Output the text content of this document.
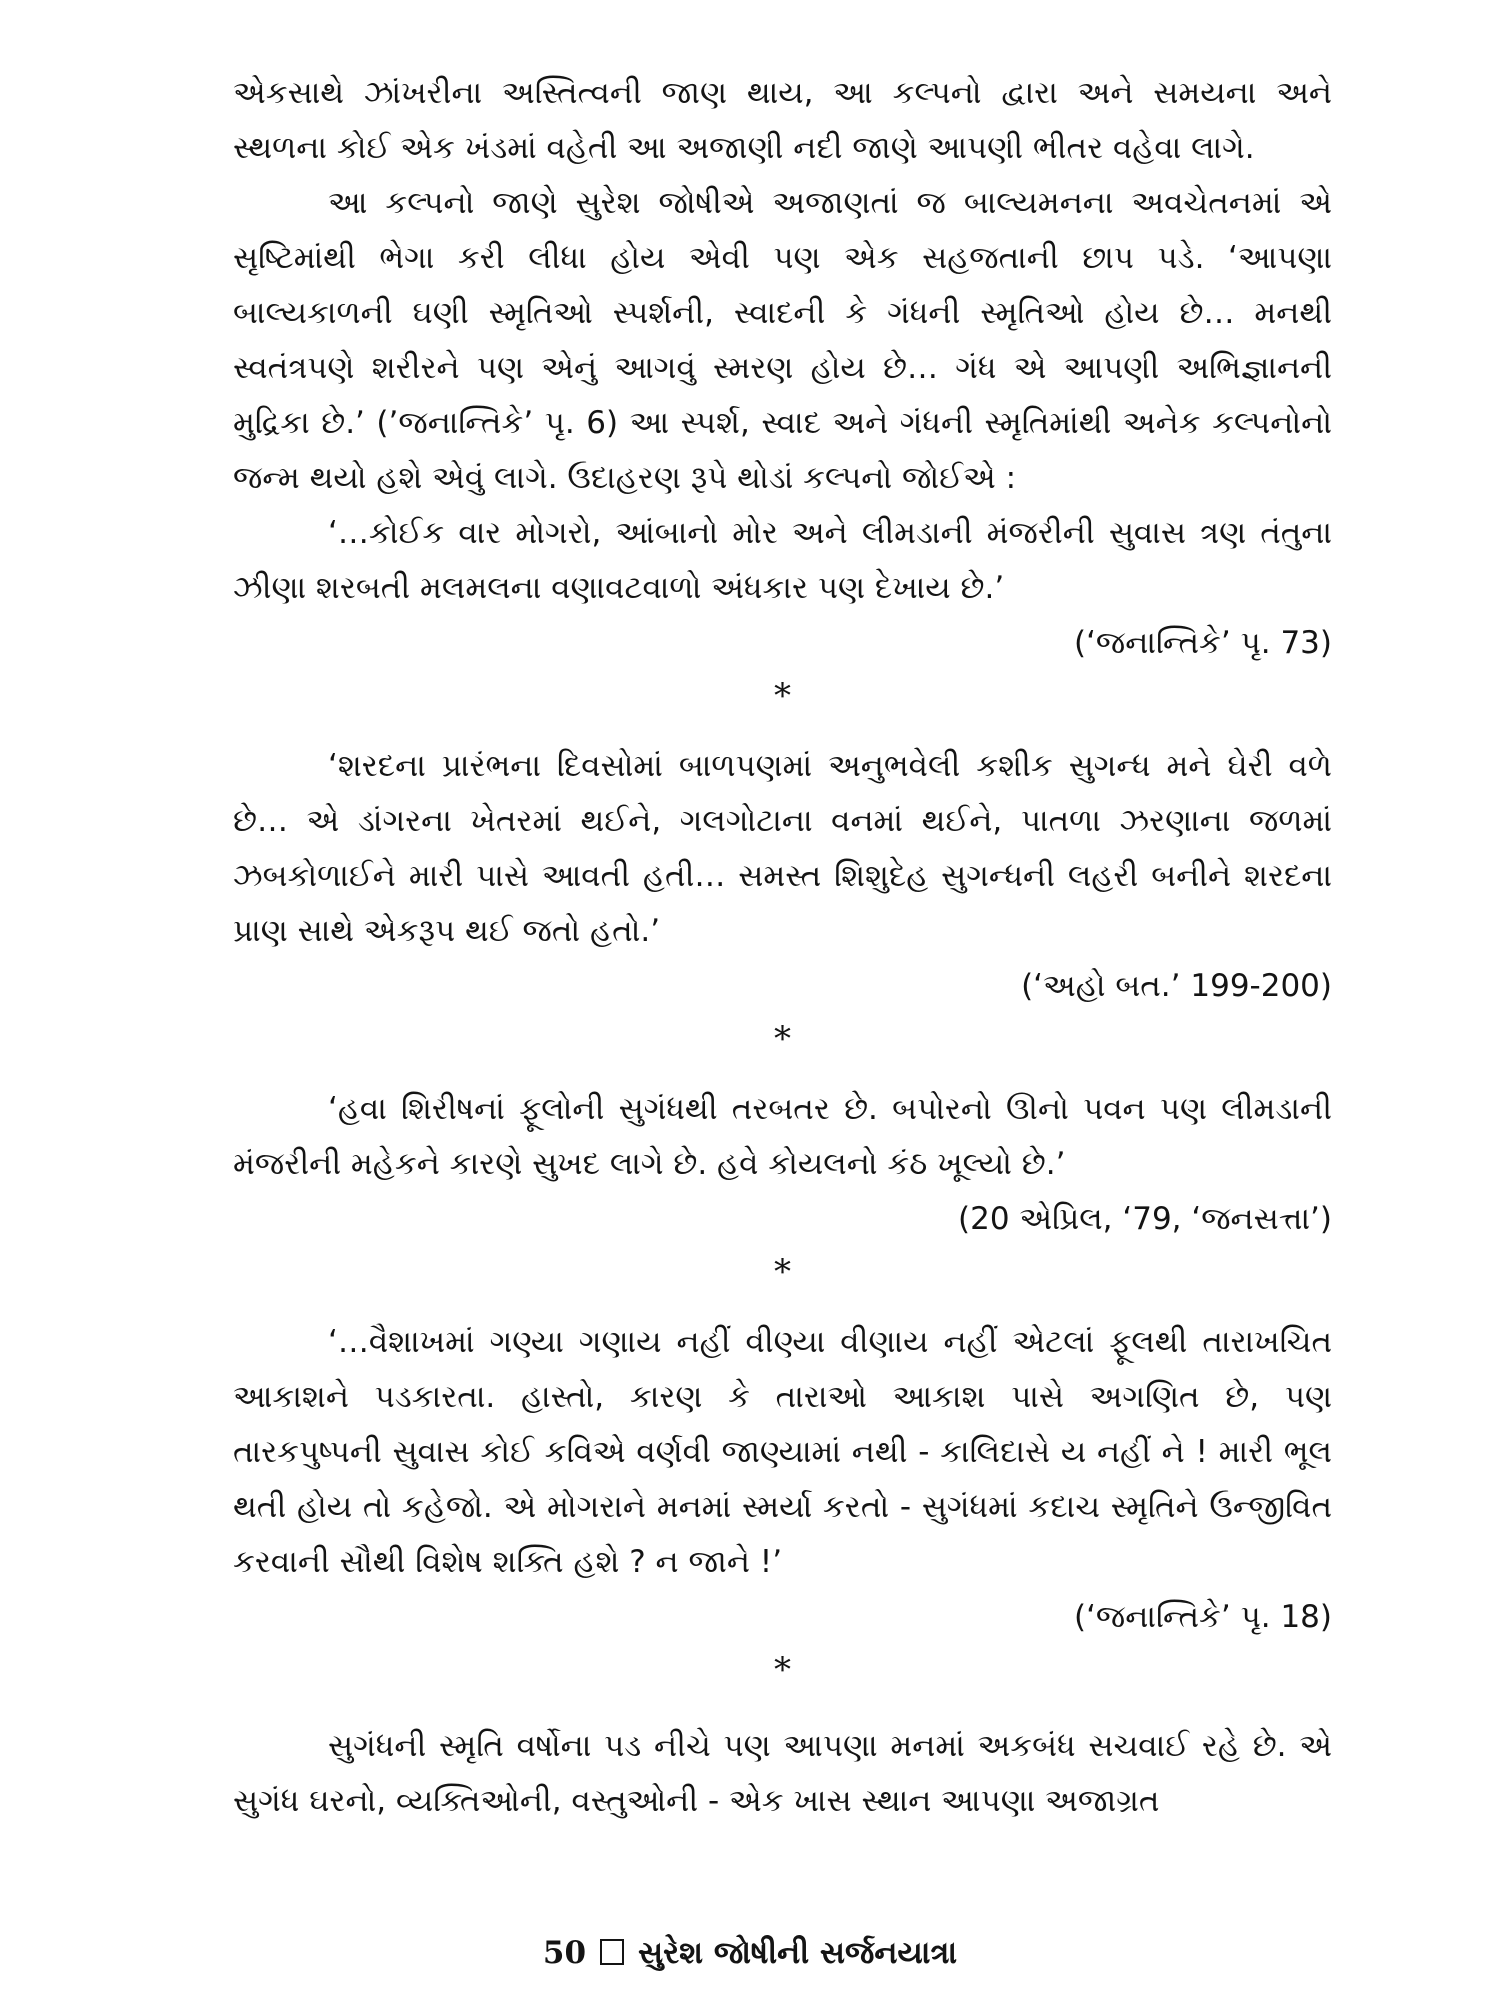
એકસાથે ઝાંખરીના અસ્તિત્વની જાણ થાય, આ કલ્પનો દ્વારા અને સમયના અને સ્થળના કોઈ એક ખંડમાં વહેતી આ અજાણી નદી જાણે આપણી ભીતર વહેવા લાગે.

આ કલ્પનો જાણે સુરેશ જોષીએ અજાણતાં જ બાલ્યમનના અવચેતનમાં એ સૃષ્ટિમાંથી ભેગા કરી લીધા હોય એવી પણ એક સહજતાની છાપ પડે. ‘આપણા બાલ્યકાળની ઘણી સ્મૃતિઓ સ્પર્શની, સ્વાદની કે ગંધની સ્મૃતિઓ હોય છે… મનથી સ્વતંત્રપણે શરીરને પણ એનું આગવું સ્મરણ હોય છે… ગંધ એ આપણી અભિજ્ઞાનની મુદ્રિકા છે.’ (’જનાન્તિકે’ પૃ. 6) આ સ્પર્શ, સ્વાદ અને ગંધની સ્મૃતિમાંથી અનેક કલ્પનોનો જન્મ થયો હશે એવું લાગે. ઉદાહરણ રૂપે થોડાં કલ્પનો જોઈએ :

‘…કોઈક વાર મોગરો, આંબાનો મોર અને લીમડાની મંજરીની સુવાસ ત્રણ તંતુના ઝીણા શરબતી મલમલના વણાવટવાળો અંધકાર પણ દેખાય છે.’

(‘જનાન્તિકે’ પૃ. 73)

*

‘શરદના પ્રારંભના દિવસોમાં બાળપણમાં અનુભવેલી કશીક સુગન્ધ મને ઘેરી વળે છે… એ ડાંગરના ખેતરમાં થઈને, ગલગોટાના વનમાં થઈને, પાતળા ઝરણાના જળમાં ઝબકોળાઈને મારી પાસે આવતી હતી… સમસ્ત શિશુદેહ સુગન્ધની લહરી બનીને શરદના પ્રાણ સાથે એકરૂપ થઈ જતો હતો.’

(‘અહો બત.’ 199-200)

*

‘હવા શિરીષનાં ફૂલોની સુગંધથી તરબતર છે. બપોરનો ઊનો પવન પણ લીમડાની મંજરીની મહેકને કારણે સુખદ લાગે છે. હવે કોયલનો કંઠ ખૂલ્યો છે.’

(20 એપ્રિલ, ‘79, ‘જનસત્તા’)

*

‘…વૈશાખમાં ગણ્યા ગણાય નહીં વીણ્યા વીણાય નહીં એટલાં ફૂલથી તારાખચિત આકાશને પડકારતા. હાસ્તો, કારણ કે તારાઓ આકાશ પાસે અગણિત છે, પણ તારકપુષ્પની સુવાસ કોઈ કવિએ વર્ણવી જાણ્યામાં નથી - કાલિદાસે ય નહીં ને ! મારી ભૂલ થતી હોય તો કહેજો. એ મોગરાને મનમાં સ્મર્યા કરતો - સુગંધમાં કદાચ સ્મૃતિને ઉન્જીવિત કરવાની સૌથી વિશેષ શક્તિ હશે ? ન જાને !’

(‘જનાન્તિકે’ પૃ. 18)

*

સુગંધની સ્મૃતિ વર્ષોના પડ નીચે પણ આપણા મનમાં અકબંધ સચવાઈ રહે છે. એ સુગંધ ઘરનો, વ્યક્તિઓની, વસ્તુઓની - એક ખાસ સ્થાન આપણા અજાગ્રત

50 સુરેશ જોષીની સર્જનયાત્રા
